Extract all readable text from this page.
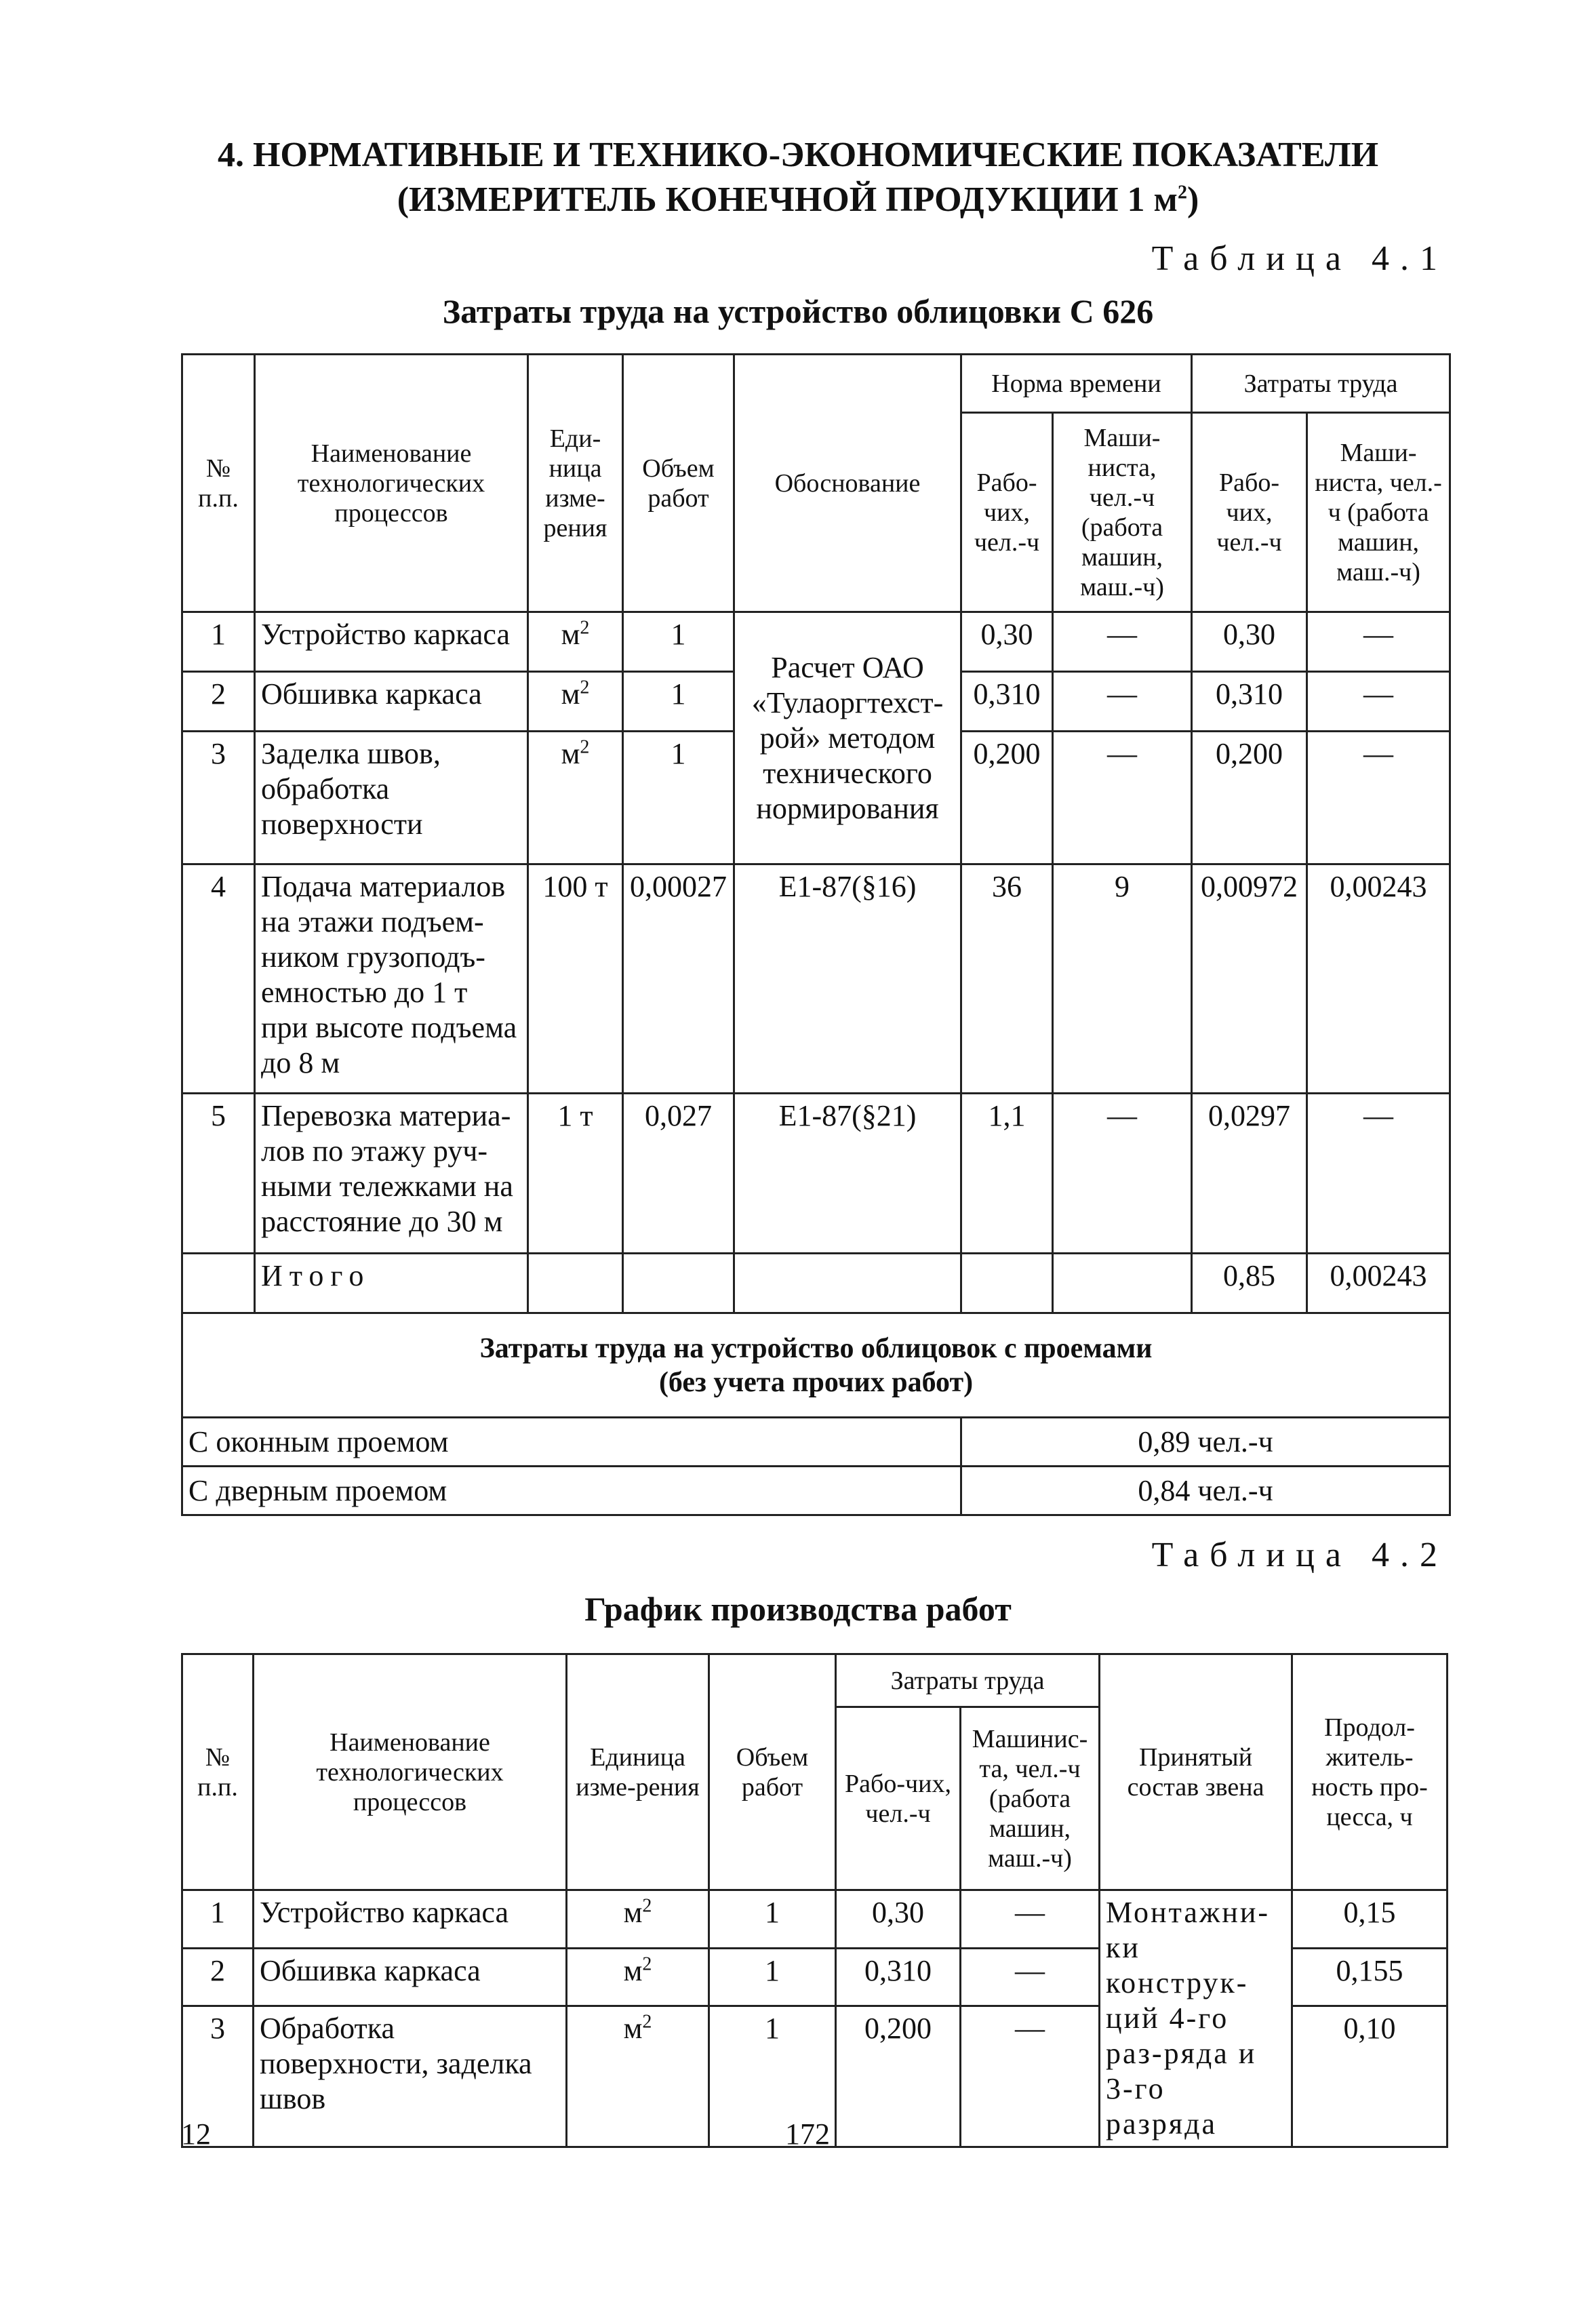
4. НОРМАТИВНЫЕ И ТЕХНИКО-ЭКОНОМИЧЕСКИЕ ПОКАЗАТЕЛИ
(ИЗМЕРИТЕЛЬ КОНЕЧНОЙ ПРОДУКЦИИ 1 $м^2$)
Таблица 4.1
Затраты труда на устройство облицовки С 626
№ п.п.	Наименование технологических процессов	Еди-ница изме-рения	Объем работ	Обоснование	Норма времени		Затраты труда	
					Рабо-чих, чел.-ч	Маши-ниста, чел.-ч (работа машин, маш.-ч)	Рабо-чих, чел.-ч	Маши-ниста, чел.-ч (работа машин, маш.-ч)
1	Устройство каркаса	$м^2$	1	Расчет ОАО «Тулаоргтехст-рой» методом технического нормирования	0,30	—	0,30	—
2	Обшивка каркаса	$м^2$	1		0,310	—	0,310	—
3	Заделка швов, обработка поверхности	$м^2$	1		0,200	—	0,200	—
4	Подача материалов на этажи подъем-ником грузоподъ-емностью до 1 т при высоте подъема до 8 м	100 т	0,00027	Е1-87(§16)	36	9	0,00972	0,00243
5	Перевозка материа-лов по этажу руч-ными тележками на расстояние до 30 м	1 т	0,027	Е1-87(§21)	1,1	—	0,0297	—
	Итого						0,85	0,00243

Затраты труда на устройство облицовок с проемами
(без учета прочих работ)								

С оконным проемом					0,89 чел.-ч			
С дверным проемом					0,84 чел.-ч			
Таблица 4.2
График производства работ
№ п.п.	Наименование технологических процессов	Единица изме-рения	Объем работ	Затраты труда		Принятый состав звена	Продол-житель-ность про-цесса, ч
				Рабо-чих, чел.-ч	Машинис-та, чел.-ч (работа машин, маш.-ч)		
1	Устройство каркаса	$м^2$	1	0,30	—	Монтажни-ки конструк-ций 4-го раз-ряда и 3-го разряда	0,15
2	Обшивка каркаса	$м^2$	1	0,310	—		0,155
3	Обработка поверхности, заделка швов	$м^2$	1	0,200	—		0,10
12	172
